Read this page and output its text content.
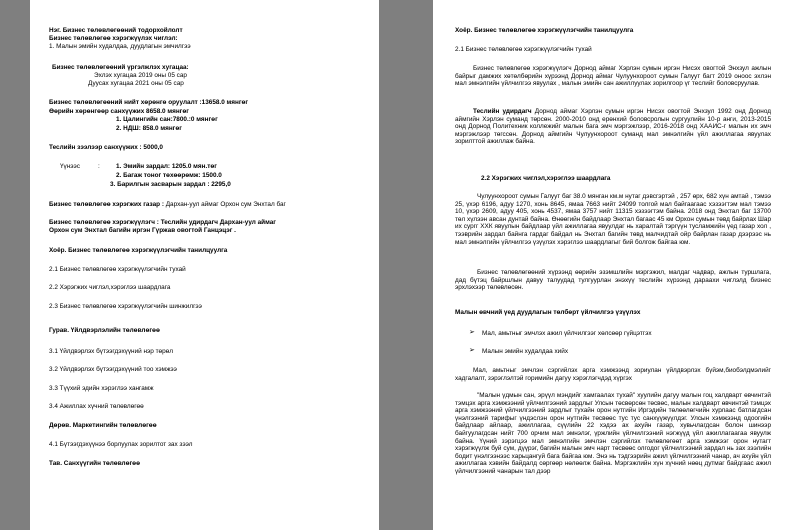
Нэг. Бизнес төлөвлөгөөний тодорхойлолт
Бизнес төлөвлөгөө хэрэгжүүлэх чиглэл:
1. Малын эмийн худалдаа, дуудлагын эмчилгээ
Бизнес төлөвлөгөөний үргэлжлэх хугацаа:
Эхлэх хугацаа 2019 оны 05 сар
Дуусах хугацаа 2021 оны 05 сар
Бизнес төлөвлөгөөний нийт хөрөнгө оруулалт :13658.0 мянгөг
Өөрийн хөрөнгөөр санхүүжих 8658.0 мянгөг
1. Цалингийн сан:7800.:0 мянгөг
2. НДШ: 858.0 мянгөг
Теслийн зээлээр санхүүжих : 5000,0
Үүнээс	:	1. Эмийн зардал: 1205.0 мян.төг
2. Багаж тоног төхөөрөмж: 1500.0
3. Барилгын засварын зардал : 2295,0
Бизнес төлөвлөгөө хэрэгжих газар : Дархан-уул аймаг Орхон сум Энхтал баг
Бизнес төлөвлөгөө хэрэгжүүлэгч : Теслийн удирдагч Дархан-уул аймаг
Орхон сум Энхтал багийн иргэн Гүржав овогтой Ганцэцэг .
Хоёр. Бизнес төлөвлөгөө хэрэгжүүлэгчийн танилцуулга
2.1 Бизнес төлөвлөгөө хэрэгжүүлэгчийн тухай
2.2 Хэрэгжих чиглэл,хэрэглээ шаардлага
2.3 Бизнес төлөвлөгөө хэрэгжүүлэгчийн шинжилгээ
Гурав. Үйлдвэрлэлийн төлөвлөгөө
3.1 Үйлдвэрлэх бүтээгдэхүүний нэр төрөл
3.2 Үйлдвэрлэх бүтээгдэхүүний тоо хэмжээ
3.3 Түүхий эдийн хэрэглээ хангамж
3.4 Ажиллах хүчний төлөвлөгөө
Дөрөв. Маркетингийн төлөвлөгөө
4.1 Бүтээгдэхүүнээ борлуулах зорилтот зах зээл
Тав. Санхүүгийн төлөвлөгөө
Хоёр. Бизнес төлөвлөгөө хэрэгжүүлэгчийн танилцуулга
2.1 Бизнес төлөвлөгөө хэрэгжүүлэгчийн тухай
Бизнес төлөвлөгөө хэрэгжүүлэгч Дорнод аймаг Хэрлэн сумын иргэн Нисэх овогтой Энхзул ажлын байрыг дамжих хөтөлбөрийн хүрээнд Дорнод аймаг Чулуунхороот сумын Галуут багт 2019 оноос эхлэн мал эмнэлгийн үйлчилгээ явуулах , малын эмийн сан ажиллуулах зорилгоор үг теслийг боловсруулав.
Теслийн удирдагч Дорнод аймаг Хэрлэн сумын иргэн Нисэх овогтой Энхзул 1992 онд Дорнод аймгийн Хэрлэн суманд төрсөн. 2000-2010 онд ерөнхий боловсролын сургуулийн 10-р анги, 2013-2015 онд Дорнод Политехник коллежийг малын бага эмч мэргэжлээр, 2016-2018 онд ХААИС-г малын их эмч мэргэжлээр төгссөн. Дорнод аймгийн Чулуунхороот суманд мал эмнэлгийн үйл ажиллагаа явуулах зорилттой ажиллаж байна.
2.2 Хэрэгжих чиглэл,хэрэглээ шаардлага
Чулуунхороот сумын Галуут баг 38.0 мянган км.м нутаг дэвсгэртэй , 257 өрх, 682 хүн амтай , тэмээ 25, үхэр 6196, адуу 1270, хонь 8645, ямаа 7663 нийт 24099 толгой мал байгаагаас хэзээгтэм мал тэмээ 10, үхэр 2609, адуу 405, хонь 4537, ямаа 3757 нийт 11315 хэзээгтэм байна. 2018 онд Энхтал баг 13700 төл хүлээн авсан дунтай байна. Өнөөгийн байдлаар Энхтал багаас 45 км Орхон сумын төвд байрлах Шар их сургг ХХК явуулын байдлаар үйл ажиллагаа явуулдаг нь харалтай тэргүүн тусламжийн үед газар хол , тээврийн зардал байнга гардаг байдал нь Энхтал багийн төвд малчидтай ойр байрлан газар дээрээс нь мал эмнэлгийн үйлчилгээ үзүүлэх хэрэглээ шаардлагыг бий болгож байгаа юм.
Бизнес төлөвлөгөөний хүрээнд өөрийн эзэмшлийн мэргэжил, малдаг чадвар, ажлын туршлага, дад бүтэц байршлын давуу талуудад тулгуурлан энэхүү теслийн хүрээнд дараахи чиглэлд бизнес эрхлэхээр төлөвлөсөн.
Малын өвчний үед дуудлагын төлбөрт үйлчилгээ үзүүлэх
➢ Мал, амьтныг эмчлэх ажил үйлчилгээг хөлсөөр гүйцэтгэх
➢ Малын эмийн худалдаа хийх
Мал, амьтныг эмчлэн сэргийлэх арга хэмжээнд зориулан үйлдвэрлэх бүйэм,биобэлдмэлийг хадгалалт, зэрэглэлтэй горимийн дагуу хэрэглэгчдэд хүргэх
"Малын үдмын сан, эрүүл мэндийг хамгаалах тухай" хуулийн дагуу малын гоц халдварт өвчинтэй тэмцэх арга хэмжээний үйлчилгээний зардлыг Улсын төсвөрсөн төсвөс, малын халдварт өвчинтэй тэмцэх арга хэмжээний үйлчилгээний зардлыг тухайн орон нутгийн Иргэдийн төлөөлөгчийн хурлаас батлагдсан үнэлгээний тарифыг үндэслэн орон нутгийн төсвөөс тус тус санхүүжүүлдэг. Улсын хэмжээнд одоогийн байдлаар айлаар, ажиллагаа, сүүлийн 22 хэдээ ах ахуйн газар, хувьчлагдсан болон шинээр байгуулагдсан нийт 700 орчим мал эмнэлэг, үржлийн үйлчилгээний нэгжүүд үйл ажиллагаагаа явуулж байна. Үүний зэрэгцээ мал эмнэлгийн эмчлэн сэргийлэх төлөвлөгөөт арга хэмжээг орон нутагт хэрэгжүүлж буй сум, дүүрэг, багийн малын эмч нарт төсвөөс олгодог үйлчилгээний зардал нь зах зээлийн бодит үнэлгээнээс харьцангуй бага байгаа юм. Энэ нь тэдгээрийн ажил үйлчилгээний чанар, ач ахуйн үйл ажиллагаа хэвийн байдалд сөргөөр нөлөөлж байна. Мэргэжлийн хүн хүчний нөөц дутмаг байдгаас ажил үйлчилгээний чанарын тал дээр
